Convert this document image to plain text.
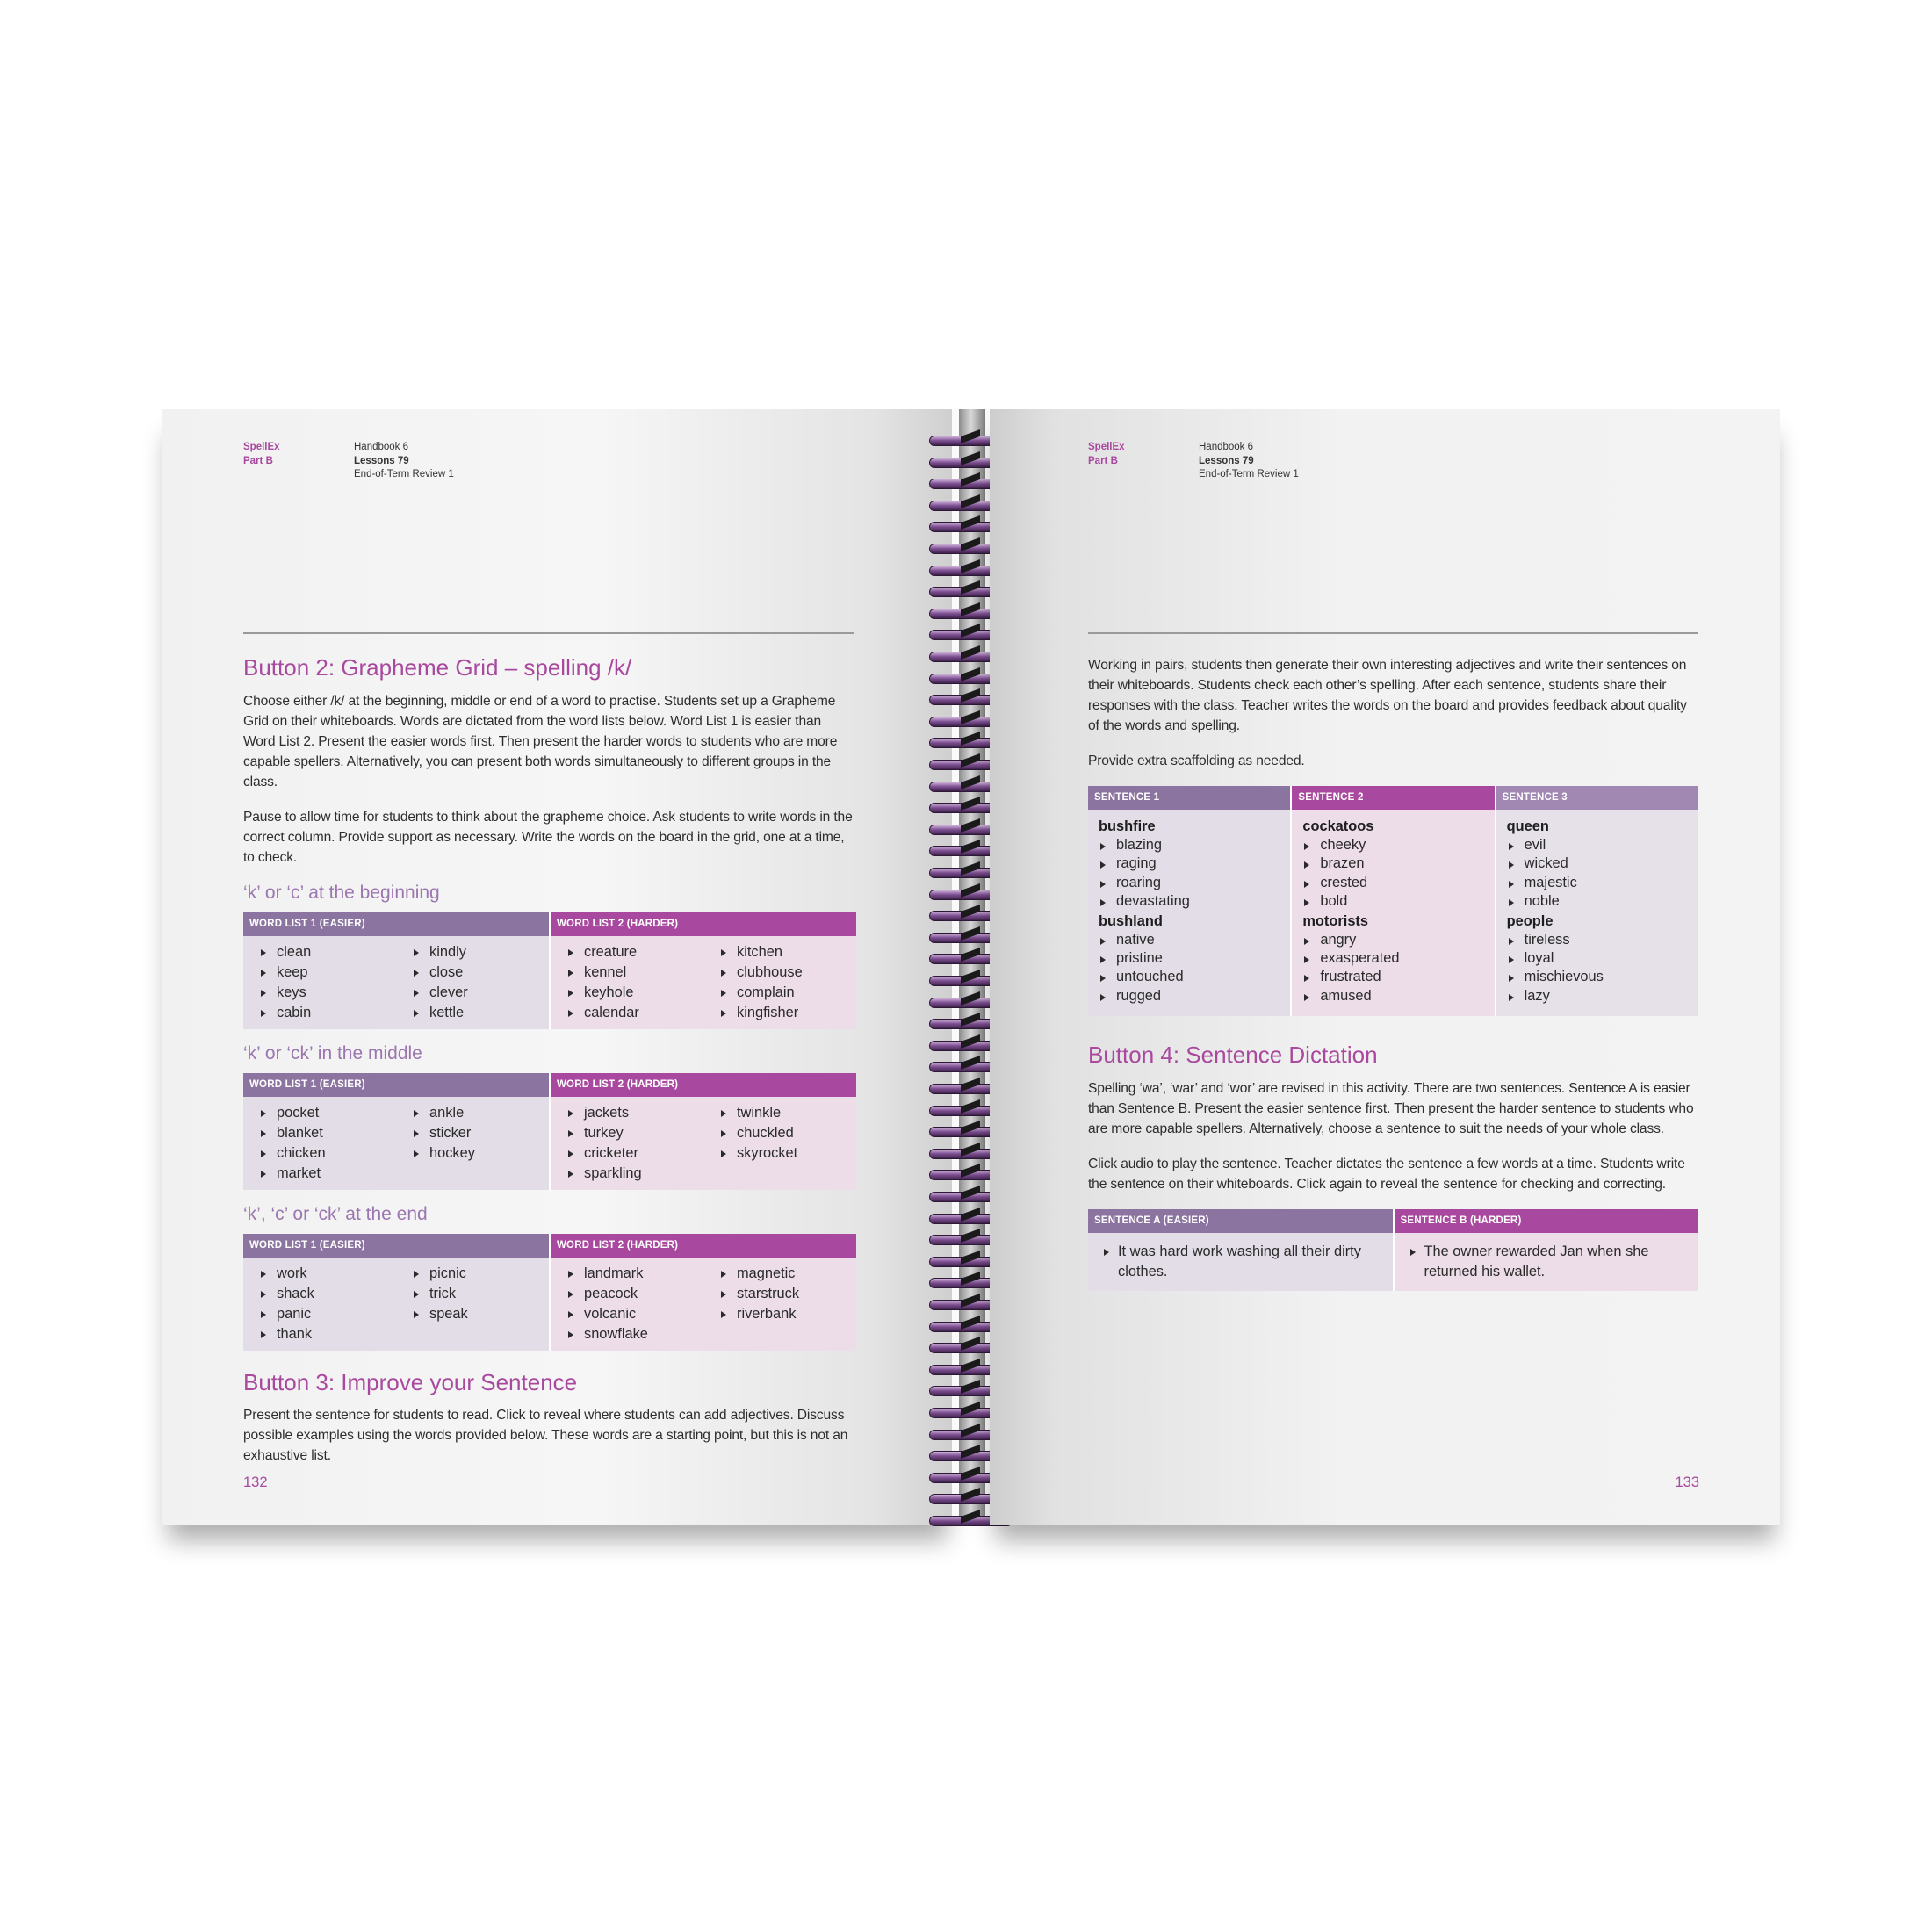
SpellEx
Part B
Handbook 6
Lessons 79
End-of-Term Review 1
Button 2: Grapheme Grid – spelling /k/

Choose either /k/ at the beginning, middle or end of a word to practise. Students set up a Grapheme Grid on their whiteboards. Words are dictated from the word lists below. Word List 1 is easier than Word List 2. Present the easier words first. Then present the harder words to students who are more capable spellers. Alternatively, you can present both words simultaneously to different groups in the class.

Pause to allow time for students to think about the grapheme choice. Ask students to write words in the correct column. Provide support as necessary. Write the words on the board in the grid, one at a time, to check.

‘k’ or ‘c’ at the beginning
WORD LIST 1 (EASIER)
clean
keep
keys
cabin
kindly
close
clever
kettle
WORD LIST 2 (HARDER)
creature
kennel
keyhole
calendar
kitchen
clubhouse
complain
kingfisher
‘k’ or ‘ck’ in the middle
WORD LIST 1 (EASIER)
pocket
blanket
chicken
market
ankle
sticker
hockey
WORD LIST 2 (HARDER)
jackets
turkey
cricketer
sparkling
twinkle
chuckled
skyrocket
‘k’, ‘c’ or ‘ck’ at the end
WORD LIST 1 (EASIER)
work
shack
panic
thank
picnic
trick
speak
WORD LIST 2 (HARDER)
landmark
peacock
volcanic
snowflake
magnetic
starstruck
riverbank
Button 3: Improve your Sentence

Present the sentence for students to read. Click to reveal where students can add adjectives. Discuss possible examples using the words provided below. These words are a starting point, but this is not an exhaustive list.

132
SpellEx
Part B
Handbook 6
Lessons 79
End-of-Term Review 1

Working in pairs, students then generate their own interesting adjectives and write their sentences on their whiteboards. Students check each other’s spelling. After each sentence, students share their responses with the class. Teacher writes the words on the board and provides feedback about quality of the words and spelling.

Provide extra scaffolding as needed.

SENTENCE 1
bushfire
blazing
raging
roaring
devastating
bushland
native
pristine
untouched
rugged
SENTENCE 2
cockatoos
cheeky
brazen
crested
bold
motorists
angry
exasperated
frustrated
amused
SENTENCE 3
queen
evil
wicked
majestic
noble
people
tireless
loyal
mischievous
lazy
Button 4: Sentence Dictation

Spelling ‘wa’, ‘war’ and ‘wor’ are revised in this activity. There are two sentences. Sentence A is easier than Sentence B. Present the easier sentence first. Then present the harder sentence to students who are more capable spellers. Alternatively, choose a sentence to suit the needs of your whole class.

Click audio to play the sentence. Teacher dictates the sentence a few words at a time. Students write the sentence on their whiteboards. Click again to reveal the sentence for checking and correcting.

SENTENCE A (EASIER)
It was hard work washing all their dirty clothes.
SENTENCE B (HARDER)
The owner rewarded Jan when she returned his wallet.
133
